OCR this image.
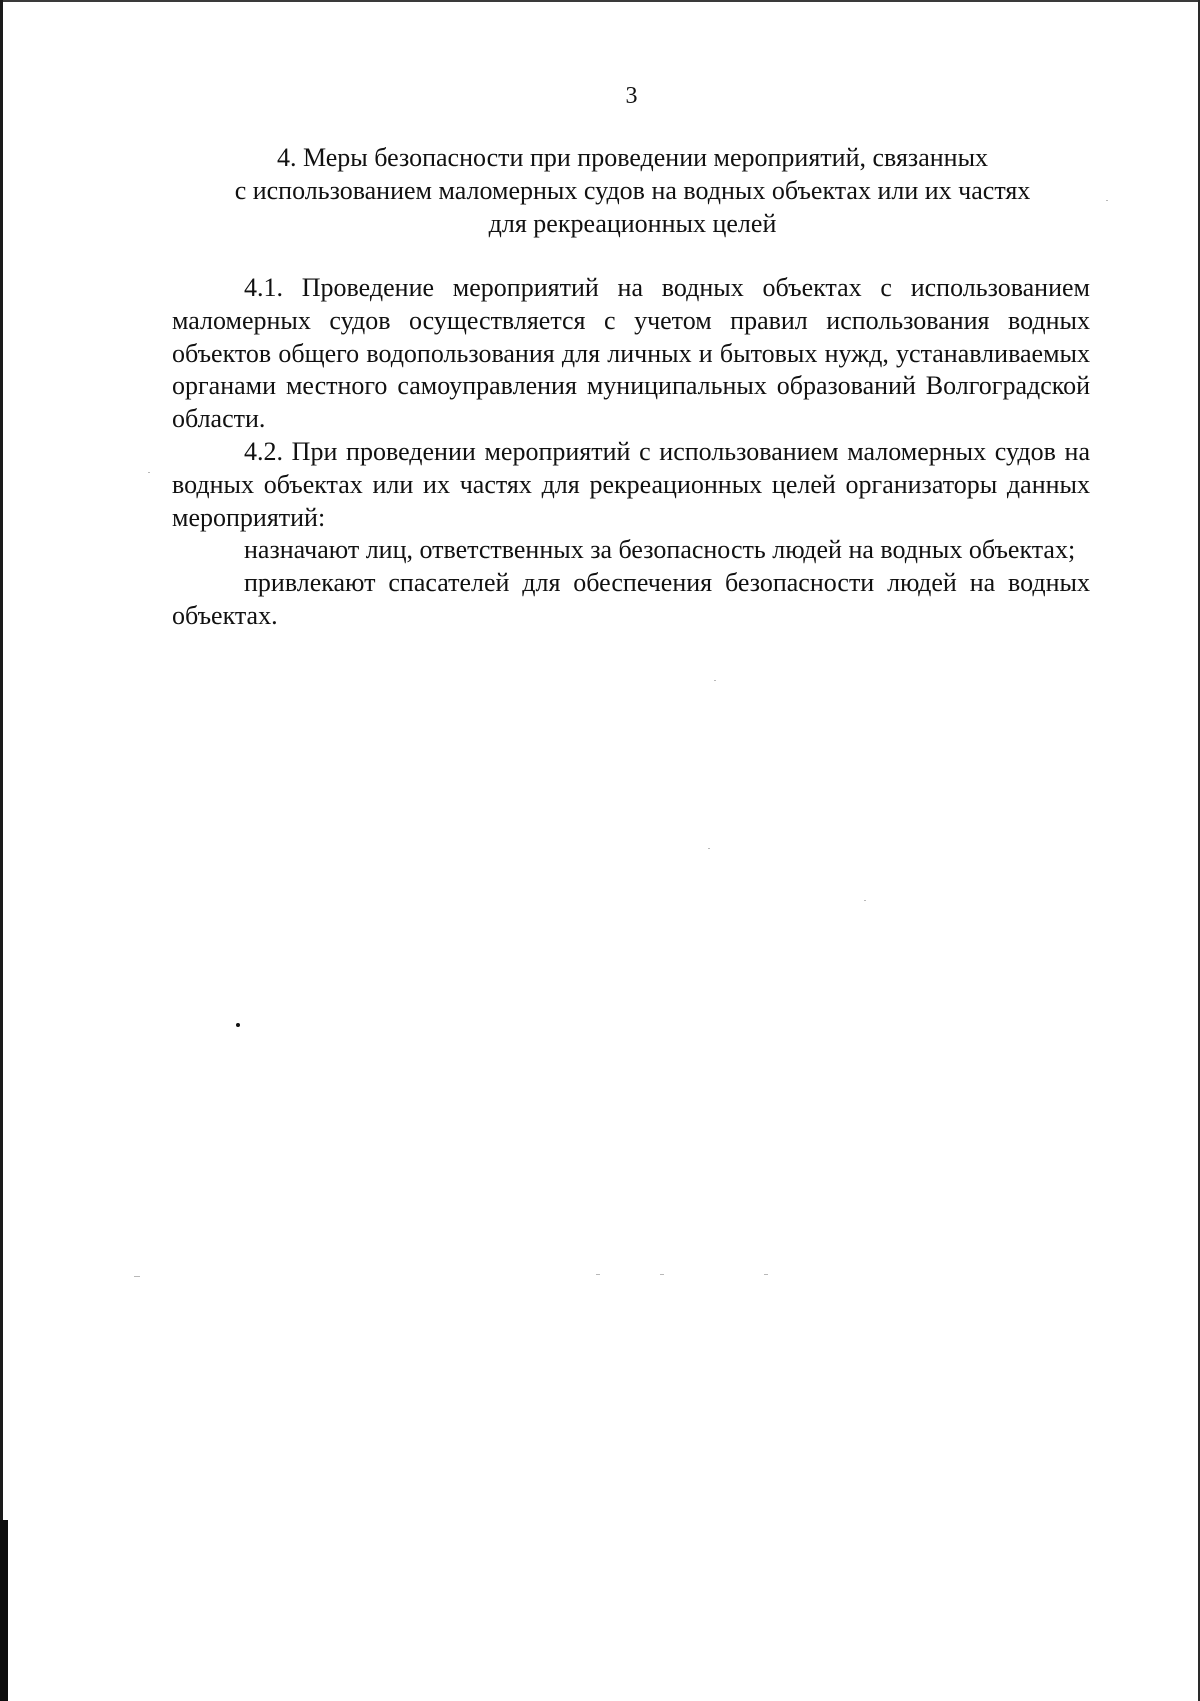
3
4. Меры безопасности при проведении мероприятий, связанных
с использованием маломерных судов на водных объектах или их частях
для рекреационных целей

4.1. Проведение мероприятий на водных объектах с использованием маломерных судов осуществляется с учетом правил использования водных объектов общего водопользования для личных и бытовых нужд, устанавливаемых органами местного самоуправления муниципальных образований Волгоградской области.

4.2. При проведении мероприятий с использованием маломерных судов на водных объектах или их частях для рекреационных целей организаторы данных мероприятий:

назначают лиц, ответственных за безопасность людей на водных объектах;

привлекают спасателей для обеспечения безопасности людей на водных объектах.
